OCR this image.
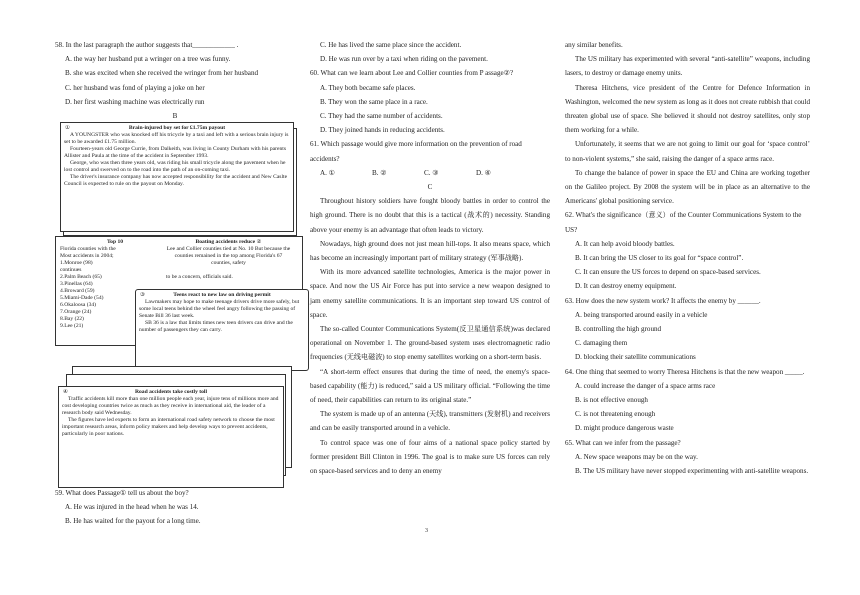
58. In the last paragraph the author suggests that____________ .

A. the way her husband put a wringer on a tree was funny.

B. she was excited when she received the wringer from her husband

C. her husband was fond of playing a joke on her

D. her first washing machine was electrically run

B

①	Brain-injured boy set for £1.75m payout

A YOUNGSTER who was knocked off his tricycle by a taxi and left with a serious brain injury is set to be awarded £1.75 million.

Fourteen-years old George Currie, from Dalkeith, was living in County Durham with his parents Allister and Paula at the time of the accident in September 1993.

George, who was then three years old, was riding his small tricycle along the pavement when he lost control and swerved on to the road into the path of an on-coming taxi.

The driver's insurance company has now accepted responsibility for the accident and New Caslte Council is expected to rule on the payout on Monday.

Top 10
Florida counties with the
Most accidents in 2004;
1.Monroe (98)
continues
2.Palm Beach (65)
3.Pinellas (64)
4.Broward (59)
5.Miami-Dade (54)
6.Okaloosa (34)
7.Orange (24)
8.Bay (22)
9.Lee (21)
Boating accidents reduce ②
Lee and Collier counties tied at No. 10 But because the counties remained in the top among Florida's 67 counties, safety
to be a concern, officials said.
③	Teens react to new law on driving permit

Lawmakers may hope to make teenage drivers drive more safely, but some local teens behind the wheel feel angry following the passing of Senate Bill 36 last week.

SB 36 is a law that limits times new teen drivers can drive and the number of passengers they can carry.

④	Road accidents take costly toll

Traffic accidents kill more than one million people each year, injure tens of millions more and cost developing countries twice as much as they receive in international aid, the leader of a research body said Wednesday.

The figures have led experts to form an international road safety network to choose the most important research areas, inform policy makers and help develop ways to prevent accidents, particularly in poor nations.

59. What does Passage① tell us about the boy?

A. He was injured in the head when he was 14.

B. He has waited for the payout for a long time.

C. He has lived the same place since the accident.

D. He was run over by a taxi when riding on the pavement.

60. What can we learn about Lee and Collier counties from P assage②?

A. They both became safe places.

B. They won the same place in a race.

C. They had the same number of accidents.

D. They joined hands in reducing accidents.

61. Which passage would give more information on the prevention of road accidents?

A. ①	B. ②	C. ③	D. ④

C

Throughout history soldiers have fought bloody battles in order to control the high ground. There is no doubt that this is a tactical (战术的) necessity. Standing above your enemy is an advantage that often leads to victory.

Nowadays, high ground does not just mean hill-tops. It also means space, which has become an increasingly important part of military strategy (军事战略).

With its more advanced satellite technologies, America is the major power in space. And now the US Air Force has put into service a new weapon designed to jam enemy satellite communications. It is an important step toward US control of space.

The so-called Counter Communications System(反卫星通信系统)was declared operational on November 1. The ground-based system uses electromagnetic radio frequencies (无线电磁波) to stop enemy satellites working on a short-term basis.

“A short-term effect ensures that during the time of need, the enemy's space-based capability (能力) is reduced,” said a US military official. “Following the time of need, their capabilities can return to its original state.”

The system is made up of an antenna (天线), transmitters (发射机) and receivers and can be easily transported around in a vehicle.

To control space was one of four aims of a national space policy started by former president Bill Clinton in 1996. The goal is to make sure US forces can rely on space-based services and to deny an enemy

any similar benefits.

The US military has experimented with several “anti-satellite” weapons, including lasers, to destroy or damage enemy units.

Theresa Hitchens, vice president of the Centre for Defence Information in Washington, welcomed the new system as long as it does not create rubbish that could threaten global use of space. She believed it should not destroy satellites, only stop them working for a while.

Unfortunately, it seems that we are not going to limit our goal for ‘space control’ to non-violent systems,” she said, raising the danger of a space arms race.

To change the balance of power in space the EU and China are working together on the Galileo project. By 2008 the system will be in place as an alternative to the Americans' global positioning service.

62. What's the significance（意义）of the Counter Communications System to the US?

A. It can help avoid bloody battles.

B. It can bring the US closer to its goal for “space control”.

C. It can ensure the US forces to depend on space-based services.

D. It can destroy enemy equipment.

63. How does the new system work? It affects the enemy by ______.

A. being transported around easily in a vehicle

B. controlling the high ground

C. damaging them

D. blocking their satellite communications

64. One thing that seemed to worry Theresa Hitchens is that the new weapon _____.

A. could increase the danger of a space arms race

B. is not effective enough

C. is not threatening enough

D. might produce dangerous waste

65. What can we infer from the passage?

A. New space weapons may be on the way.

B. The US military have never stopped experimenting with anti-satellite weapons.

3
